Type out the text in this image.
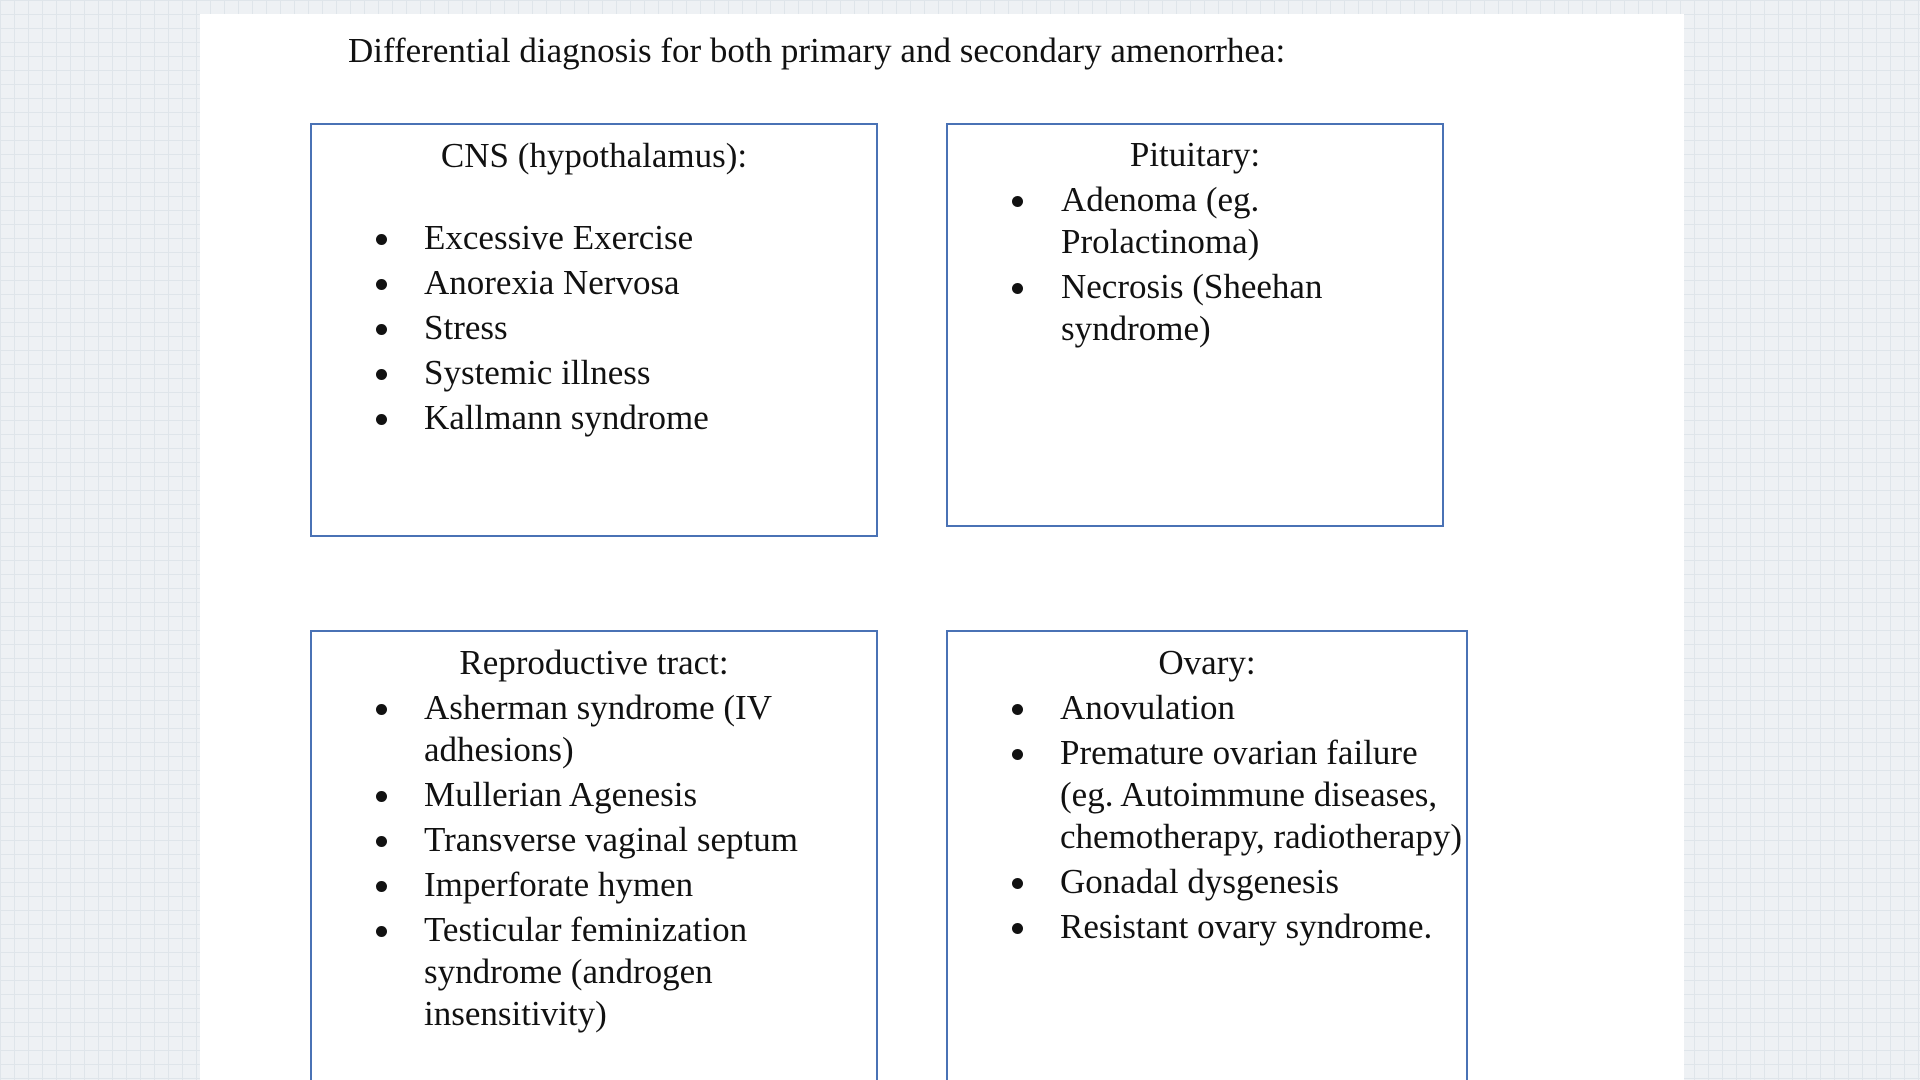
Differential diagnosis for both primary and secondary amenorrhea:

CNS (hypothalamus):

Excessive Exercise
Anorexia Nervosa
Stress
Systemic illness
Kallmann syndrome

Pituitary:

Adenoma (eg. Prolactinoma)
Necrosis (Sheehan syndrome)

Reproductive tract:

Asherman syndrome (IV adhesions)
Mullerian Agenesis
Transverse vaginal septum
Imperforate hymen
Testicular feminization syndrome (androgen insensitivity)

Ovary:

Anovulation
Premature ovarian failure (eg. Autoimmune diseases, chemotherapy, radiotherapy)
Gonadal dysgenesis
Resistant ovary syndrome.
